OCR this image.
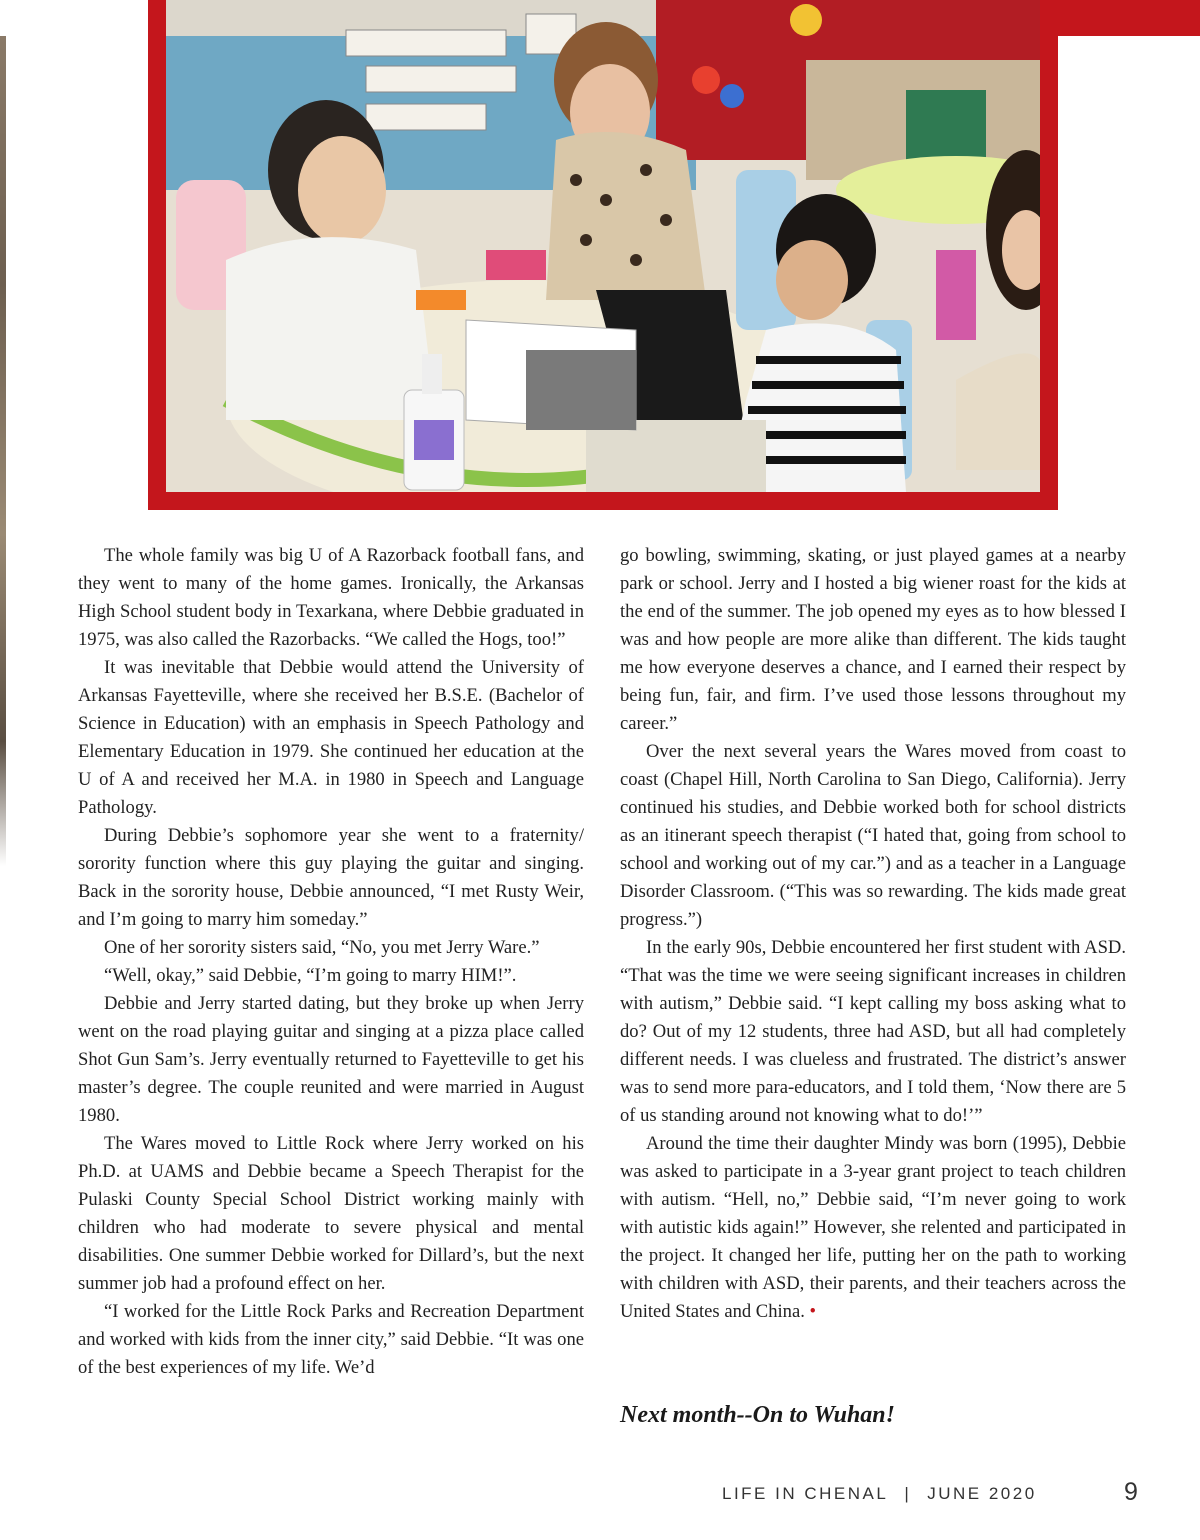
The whole family was big U of A Razorback football fans, and they went to many of the home games. Ironically, the Arkansas High School student body in Texarkana, where Debbie graduated in 1975, was also called the Razorbacks. “We called the Hogs, too!”

It was inevitable that Debbie would attend the University of Arkansas Fayetteville, where she received her B.S.E. (Bachelor of Science in Education) with an emphasis in Speech Pathology and Elementary Education in 1979. She continued her education at the U of A and received her M.A. in 1980 in Speech and Language Pathology.

During Debbie’s sophomore year she went to a fraternity/ sorority function where this guy playing the guitar and singing. Back in the sorority house, Debbie announced, “I met Rusty Weir, and I’m going to marry him someday.”

One of her sorority sisters said, “No, you met Jerry Ware.”

“Well, okay,” said Debbie, “I’m going to marry HIM!”.

Debbie and Jerry started dating, but they broke up when Jerry went on the road playing guitar and singing at a pizza place called Shot Gun Sam’s. Jerry eventually returned to Fayetteville to get his master’s degree. The couple reunited and were married in August 1980.

The Wares moved to Little Rock where Jerry worked on his Ph.D. at UAMS and Debbie became a Speech Therapist for the Pulaski County Special School District working mainly with children who had moderate to severe physical and mental disabilities. One summer Debbie worked for Dillard’s, but the next summer job had a profound effect on her.

“I worked for the Little Rock Parks and Recreation Department and worked with kids from the inner city,” said Debbie. “It was one of the best experiences of my life. We’d

go bowling, swimming, skating, or just played games at a nearby park or school. Jerry and I hosted a big wiener roast for the kids at the end of the summer. The job opened my eyes as to how blessed I was and how people are more alike than different. The kids taught me how everyone deserves a chance, and I earned their respect by being fun, fair, and firm. I’ve used those lessons throughout my career.”

Over the next several years the Wares moved from coast to coast (Chapel Hill, North Carolina to San Diego, California). Jerry continued his studies, and Debbie worked both for school districts as an itinerant speech therapist (“I hated that, going from school to school and working out of my car.”) and as a teacher in a Language Disorder Classroom. (“This was so rewarding. The kids made great progress.”)

In the early 90s, Debbie encountered her first student with ASD. “That was the time we were seeing significant increases in children with autism,” Debbie said. “I kept calling my boss asking what to do? Out of my 12 students, three had ASD, but all had completely different needs. I was clueless and frustrated. The district’s answer was to send more para-educators, and I told them, ‘Now there are 5 of us standing around not knowing what to do!’”

Around the time their daughter Mindy was born (1995), Debbie was asked to participate in a 3-year grant project to teach children with autism. “Hell, no,” Debbie said, “I’m never going to work with autistic kids again!” However, she relented and participated in the project. It changed her life, putting her on the path to working with children with ASD, their parents, and their teachers across the United States and China. •

Next month--On to Wuhan!
LIFE IN CHENAL | JUNE 2020	9
